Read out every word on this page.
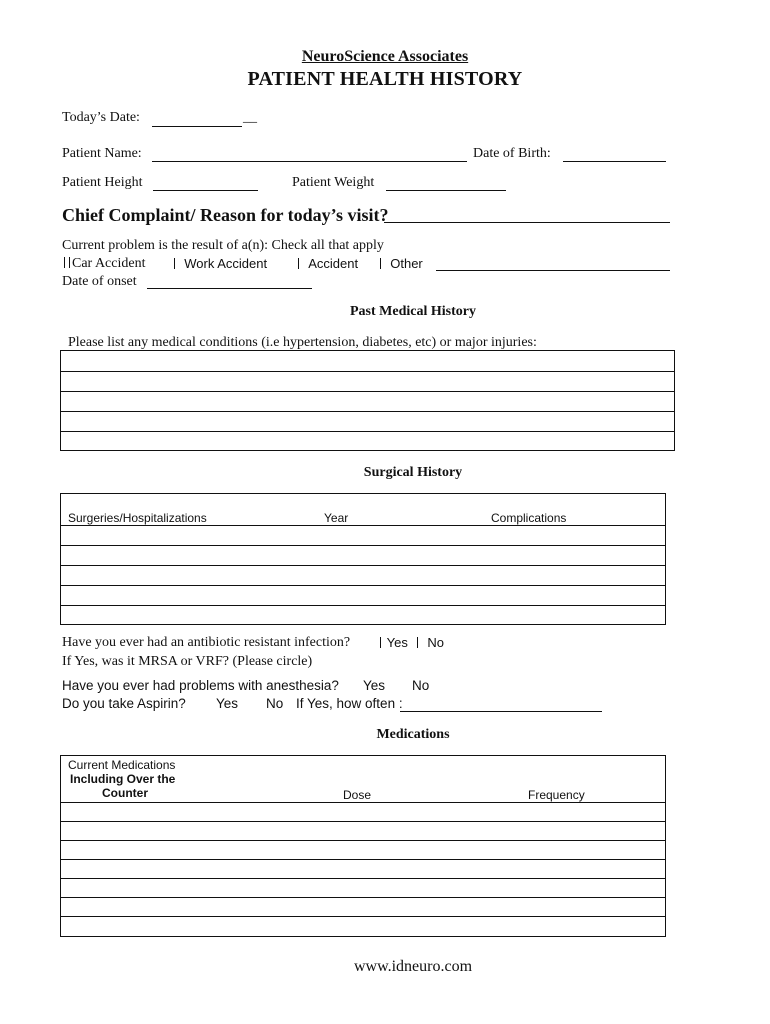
NeuroScience Associates
PATIENT HEALTH HISTORY
Today’s Date:	__
Patient Name:	Date of Birth:
Patient Height	Patient Weight
Chief Complaint/ Reason for today’s visit?
Current problem is the result of a(n): Check all that apply
Car Accident	Work Accident	Accident	Other
Date of onset
Past Medical History
Please list any medical conditions (i.e hypertension, diabetes, etc) or major injuries:
Surgical History
Surgeries/Hospitalizations	Year	Complications
Have you ever had an antibiotic resistant infection?	Yes No
If Yes, was it MRSA or VRF? (Please circle)
Have you ever had problems with anesthesia? Yes No
Do you take Aspirin? Yes No If Yes, how often :
Medications
Current Medications
Including Over the
Counter	Dose	Frequency
www.idneuro.com
